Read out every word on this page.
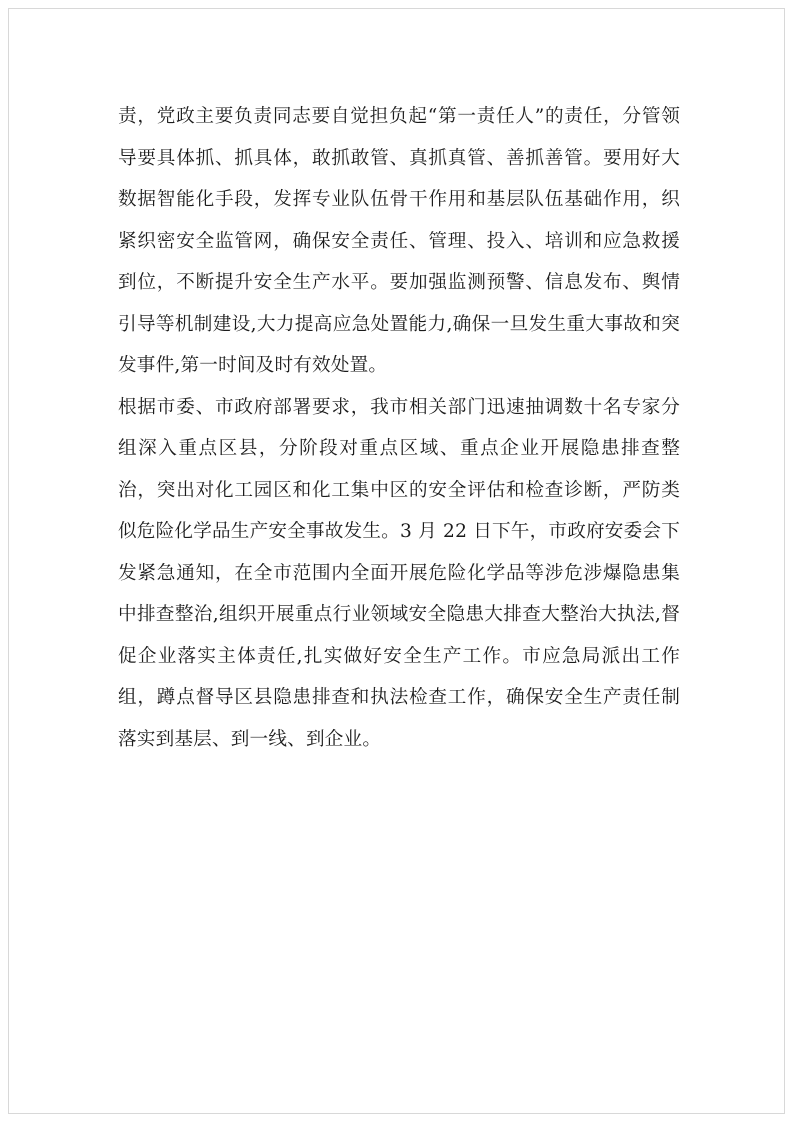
责，党政主要负责同志要自觉担负起“第一责任人”的责任，分管领导要具体抓、抓具体，敢抓敢管、真抓真管、善抓善管。要用好大数据智能化手段，发挥专业队伍骨干作用和基层队伍基础作用，织紧织密安全监管网，确保安全责任、管理、投入、培训和应急救援到位，不断提升安全生产水平。要加强监测预警、信息发布、舆情引导等机制建设,大力提高应急处置能力,确保一旦发生重大事故和突发事件,第一时间及时有效处置。

根据市委、市政府部署要求，我市相关部门迅速抽调数十名专家分组深入重点区县，分阶段对重点区域、重点企业开展隐患排查整治，突出对化工园区和化工集中区的安全评估和检查诊断，严防类似危险化学品生产安全事故发生。3 月 22 日下午，市政府安委会下发紧急通知，在全市范围内全面开展危险化学品等涉危涉爆隐患集中排查整治,组织开展重点行业领域安全隐患大排查大整治大执法,督促企业落实主体责任,扎实做好安全生产工作。市应急局派出工作组，蹲点督导区县隐患排查和执法检查工作，确保安全生产责任制落实到基层、到一线、到企业。
